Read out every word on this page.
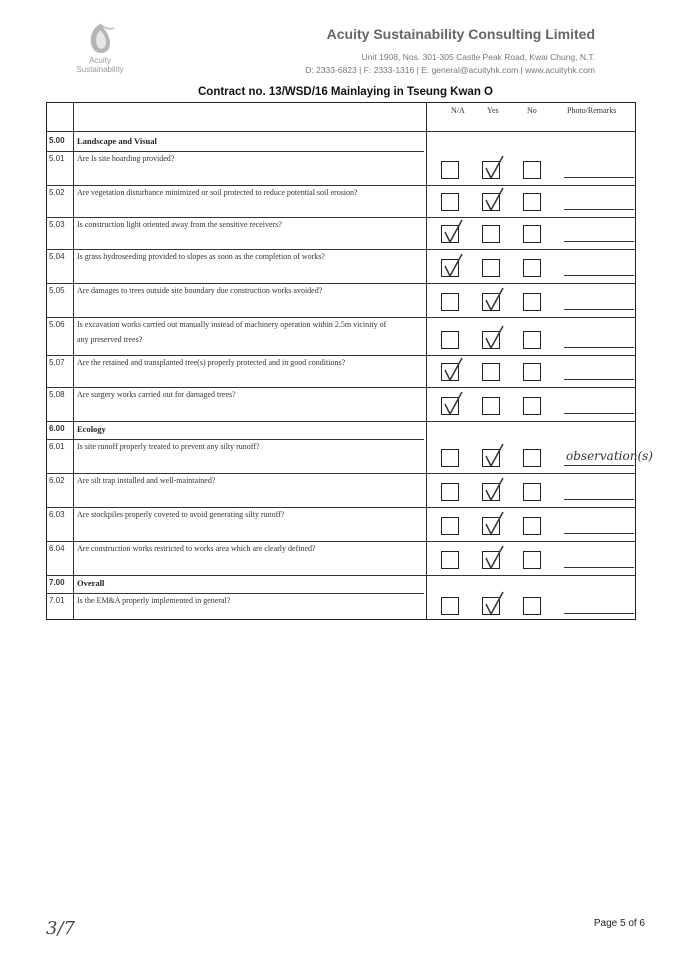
Acuity
Sustainability
Acuity Sustainability Consulting Limited
Unit 1908, Nos. 301-305 Castle Peak Road, Kwai Chung, N.T.
D: 2333-6823 | F: 2333-1316 | E: general@acuityhk.com | www.acuityhk.com
Contract no. 13/WSD/16 Mainlaying in Tseung Kwan O
N/A	Yes	No	Photo/Remarks
5.00 Landscape and Visual
5.01 Are Is site hoarding provided?
5.02 Are vegetation disturbance minimized or soil protected to reduce potential soil erosion?
5.03 Is construction light oriented away from the sensitive receivers?
5.04 Is grass hydroseeding provided to slopes as soon as the completion of works?
5.05 Are damages to trees outside site boundary due construction works avoided?
5.06 Is excavation works carried out manually instead of machinery operation within 2.5m vicinity of
any preserved trees?
5.07 Are the retained and transplanted tree(s) properly protected and in good conditions?
5.08 Are surgery works carried out for damaged trees?
6.00 Ecology
6.01 Is site runoff properly treated to prevent any silty runoff?
observation(s)
6.02 Are silt trap installed and well-maintained?
6.03 Are stockpiles properly covered to avoid generating silty runoff?
6.04 Are construction works restricted to works area which are clearly defined?
7.00 Overall
7.01 Is the EM&A properly implemented in general?
3/7	Page 5 of 6
